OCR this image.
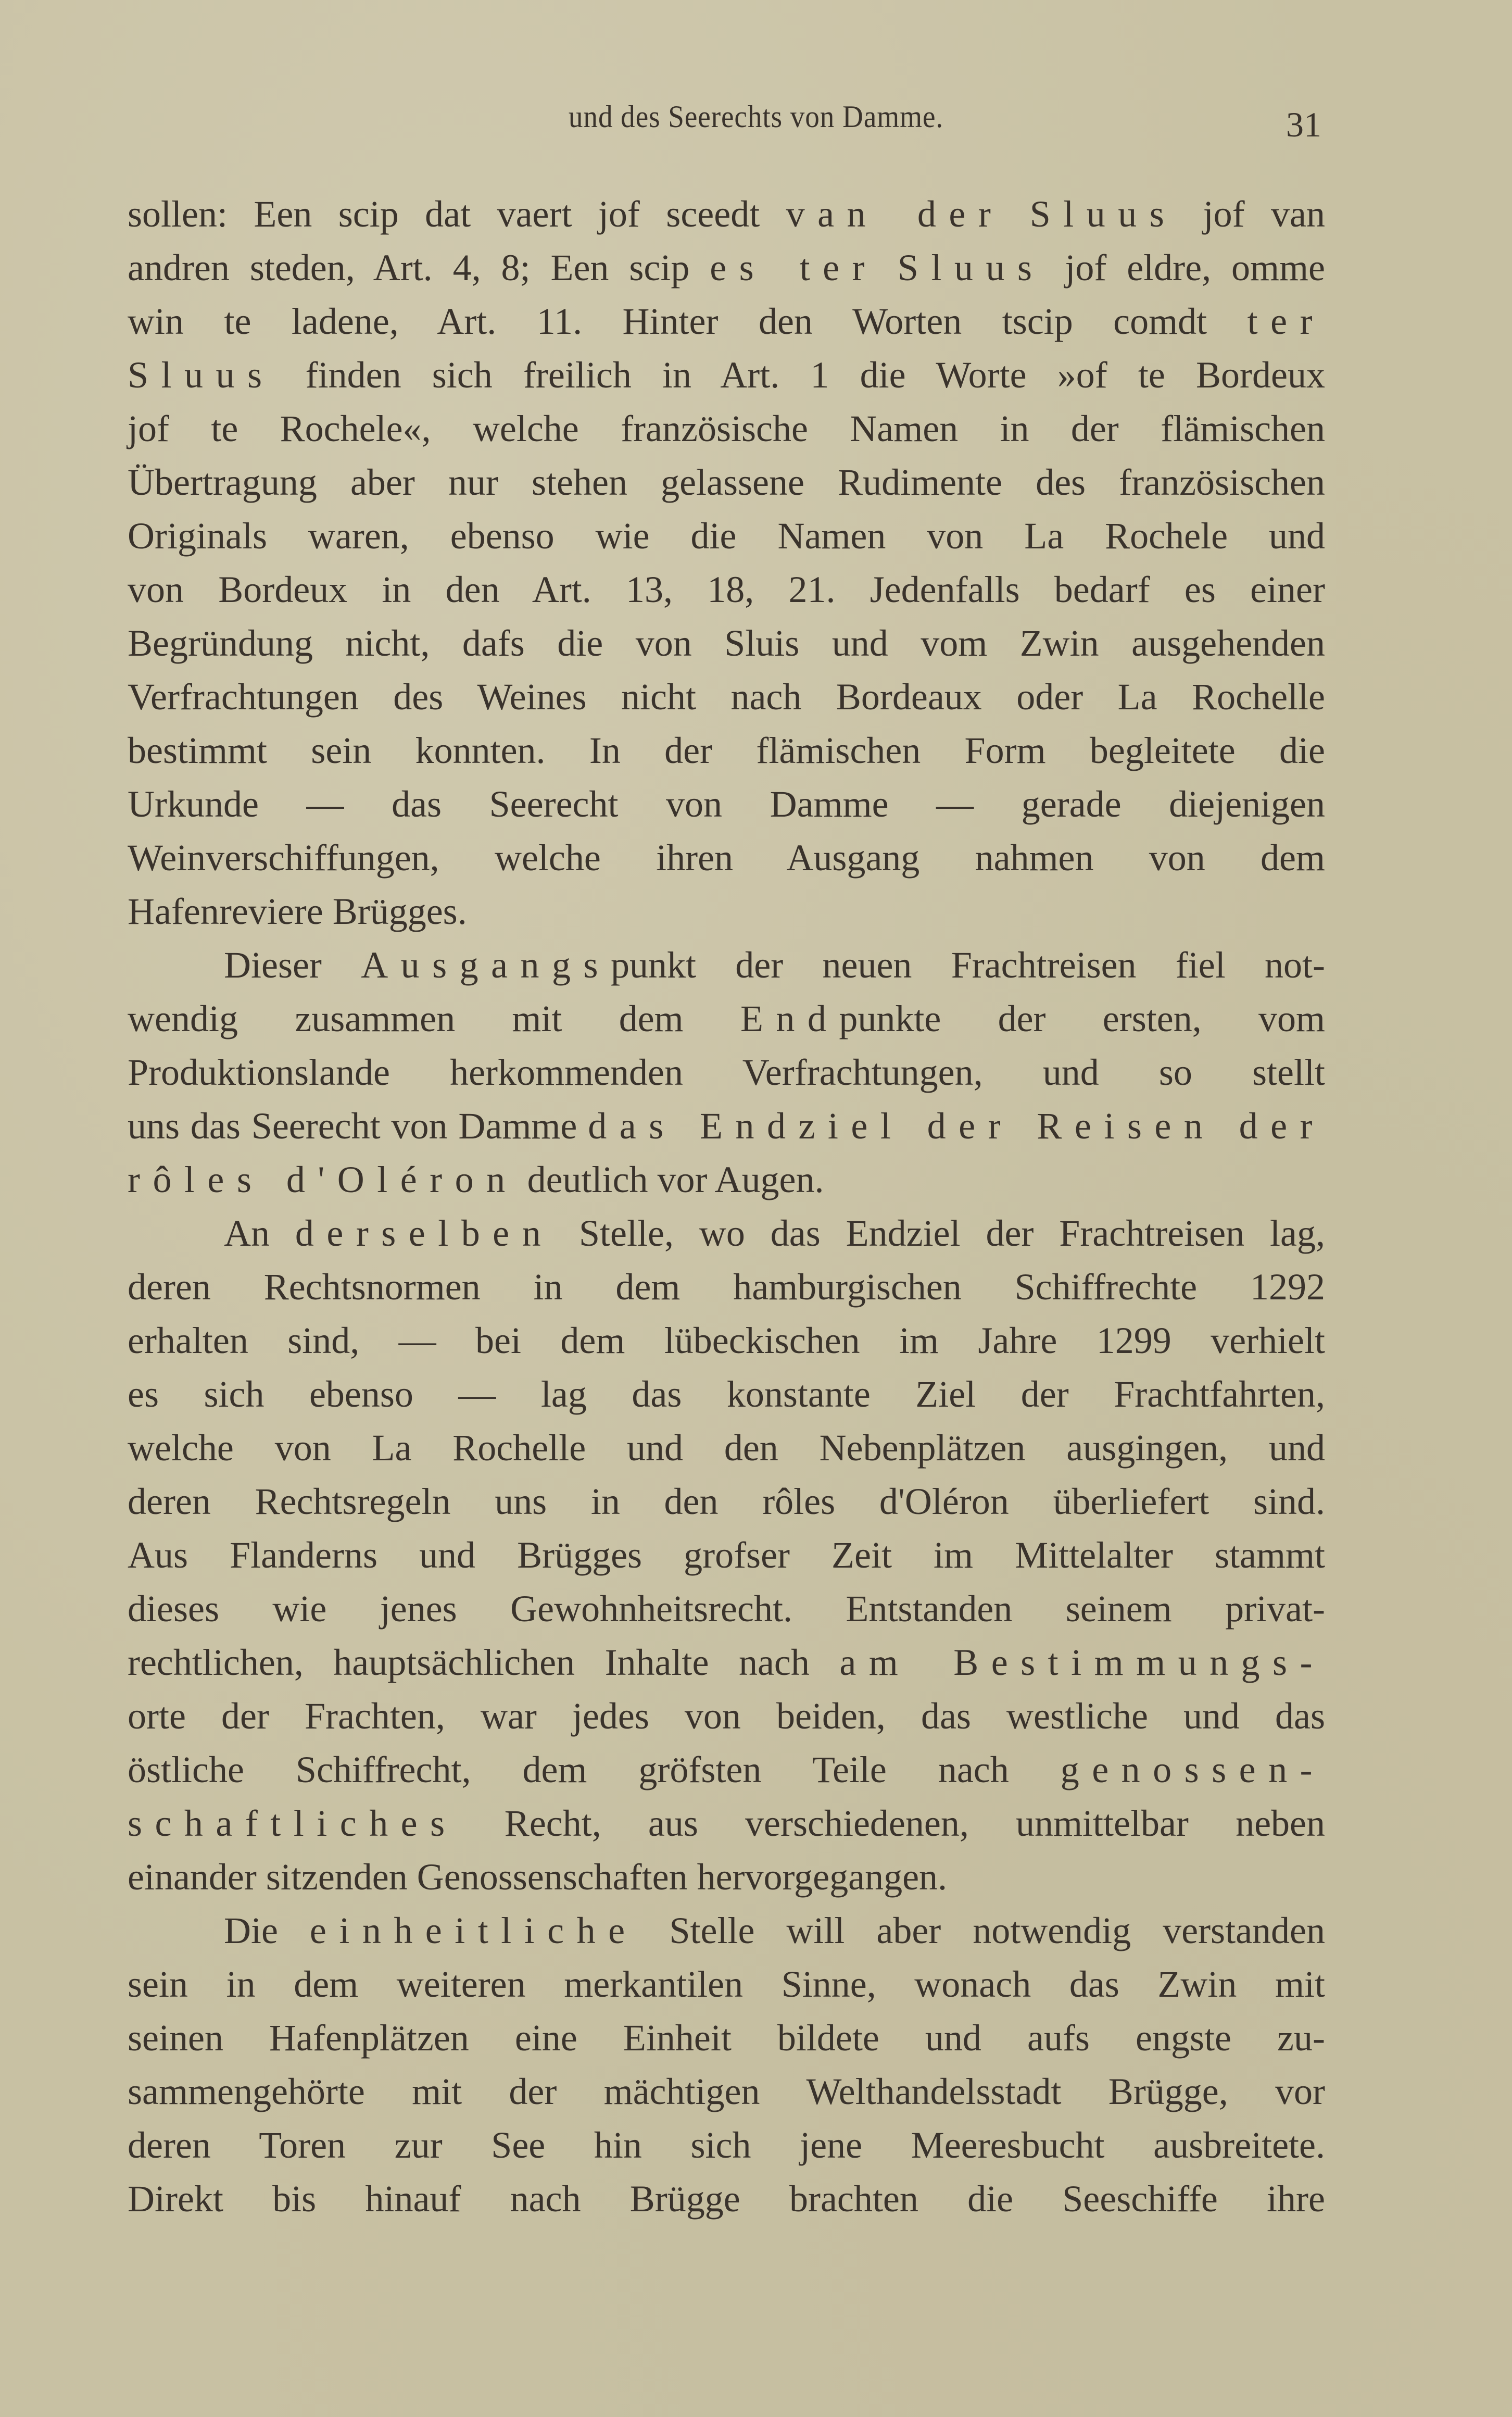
und des Seerechts von Damme.	31
sollen: Een scip dat vaert jof sceedt van der Sluus jof van
andren steden, Art. 4, 8; Een scip es ter Sluus jof eldre, omme
win te ladene, Art. 11. Hinter den Worten tscip comdt ter
Sluus finden sich freilich in Art. 1 die Worte »of te Bordeux
jof te Rochele«, welche französische Namen in der flämischen
Übertragung aber nur stehen gelassene Rudimente des französischen
Originals waren, ebenso wie die Namen von La Rochele und
von Bordeux in den Art. 13, 18, 21. Jedenfalls bedarf es einer
Begründung nicht, dafs die von Sluis und vom Zwin ausgehenden
Verfrachtungen des Weines nicht nach Bordeaux oder La Rochelle
bestimmt sein konnten. In der flämischen Form begleitete die
Urkunde — das Seerecht von Damme — gerade diejenigen
Weinverschiffungen, welche ihren Ausgang nahmen von dem
Hafenreviere Brügges.
Dieser Ausgangspunkt der neuen Frachtreisen fiel not-
wendig zusammen mit dem Endpunkte der ersten, vom
Produktionslande herkommenden Verfrachtungen, und so stellt
uns das Seerecht von Damme das Endziel der Reisen der
rôles d'Oléron deutlich vor Augen.
An derselben Stelle, wo das Endziel der Frachtreisen lag,
deren Rechtsnormen in dem hamburgischen Schiffrechte 1292
erhalten sind, — bei dem lübeckischen im Jahre 1299 verhielt
es sich ebenso — lag das konstante Ziel der Frachtfahrten,
welche von La Rochelle und den Nebenplätzen ausgingen, und
deren Rechtsregeln uns in den rôles d'Oléron überliefert sind.
Aus Flanderns und Brügges grofser Zeit im Mittelalter stammt
dieses wie jenes Gewohnheitsrecht. Entstanden seinem privat-
rechtlichen, hauptsächlichen Inhalte nach am Bestimmungs-
orte der Frachten, war jedes von beiden, das westliche und das
östliche Schiffrecht, dem gröfsten Teile nach genossen-
schaftliches Recht, aus verschiedenen, unmittelbar neben
einander sitzenden Genossenschaften hervorgegangen.
Die einheitliche Stelle will aber notwendig verstanden
sein in dem weiteren merkantilen Sinne, wonach das Zwin mit
seinen Hafenplätzen eine Einheit bildete und aufs engste zu-
sammengehörte mit der mächtigen Welthandelsstadt Brügge, vor
deren Toren zur See hin sich jene Meeresbucht ausbreitete.
Direkt bis hinauf nach Brügge brachten die Seeschiffe ihre
